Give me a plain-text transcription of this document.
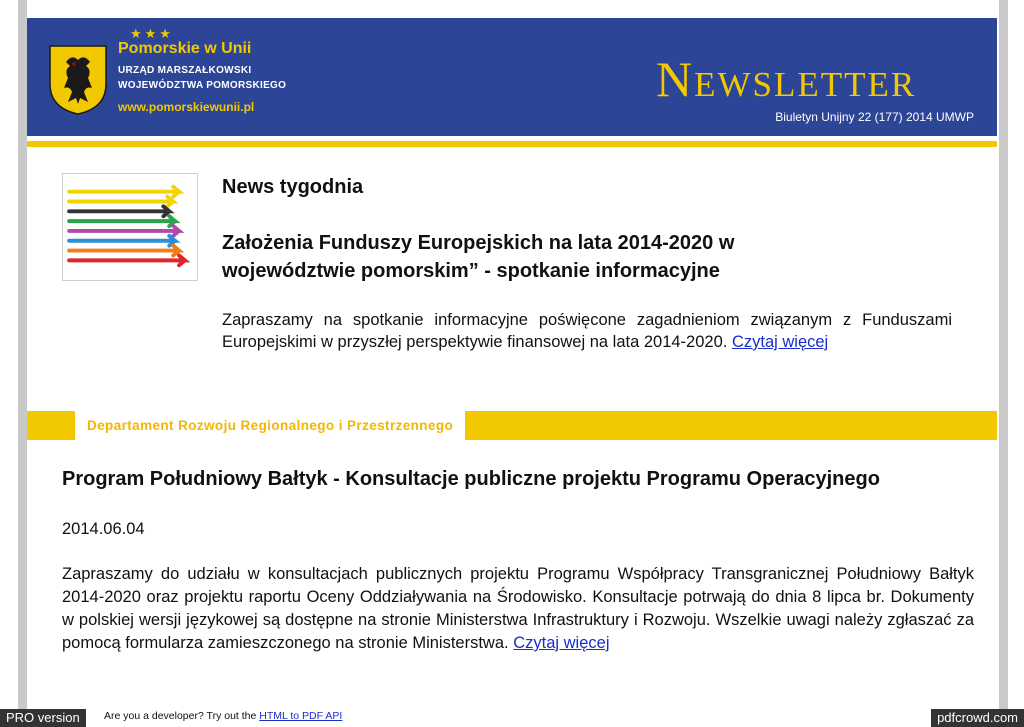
★★★
Pomorskie w Unii
URZĄD MARSZAŁKOWSKI
WOJEWÓDZTWA POMORSKIEGO
www.pomorskiewunii.pl	Newsletter
Biuletyn Unijny 22 (177) 2014 UMWP
News tygodnia
Założenia Funduszy Europejskich na lata 2014-2020 w województwie pomorskim” - spotkanie informacyjne
Zapraszamy na spotkanie informacyjne poświęcone zagadnieniom związanym z Funduszami Europejskimi w przyszłej perspektywie finansowej na lata 2014-2020. Czytaj więcej
Departament Rozwoju Regionalnego i Przestrzennego
Program Południowy Bałtyk - Konsultacje publiczne projektu Programu Operacyjnego
2014.06.04
Zapraszamy do udziału w konsultacjach publicznych projektu Programu Współpracy Transgranicznej Południowy Bałtyk 2014-2020 oraz projektu raportu Oceny Oddziaływania na Środowisko. Konsultacje potrwają do dnia 8 lipca br. Dokumenty w polskiej wersji językowej są dostępne na stronie Ministerstwa Infrastruktury i Rozwoju. Wszelkie uwagi należy zgłaszać za pomocą formularza zamieszczonego na stronie Ministerstwa. Czytaj więcej
PRO version	Are you a developer? Try out the HTML to PDF API	pdfcrowd.com
